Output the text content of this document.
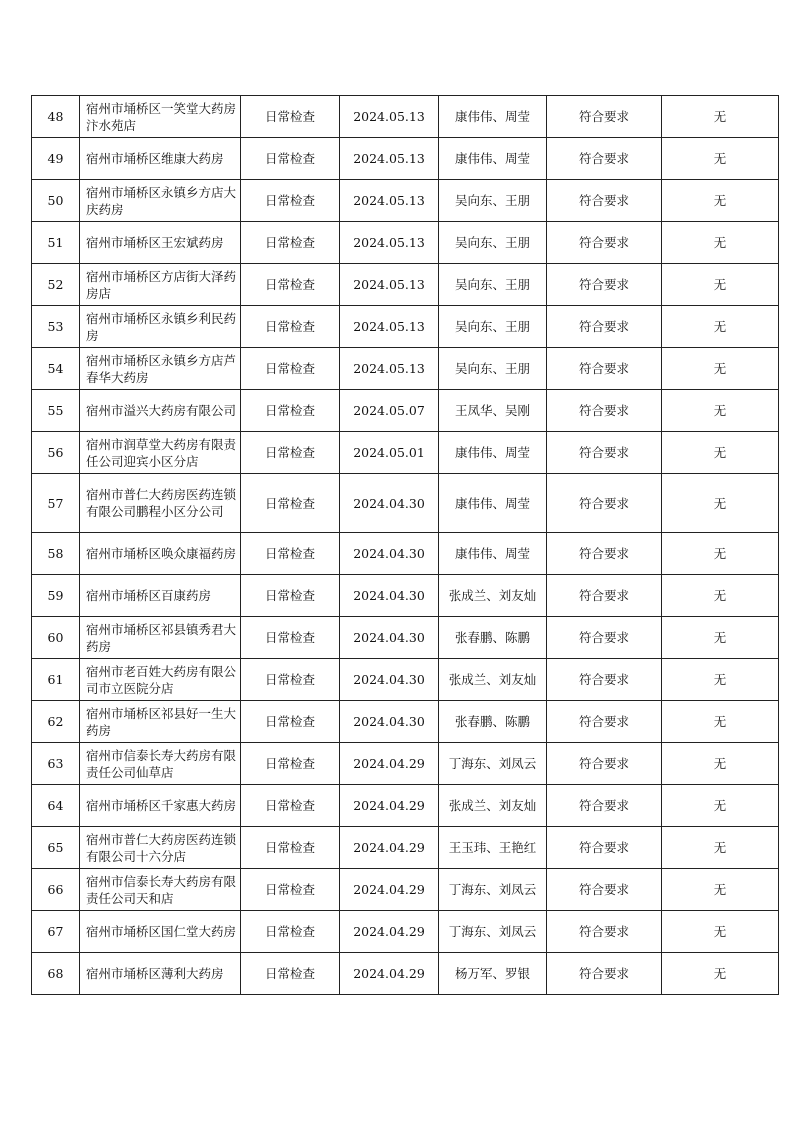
48	宿州市埇桥区一笑堂大药房汴水苑店	日常检查	2024.05.13	康伟伟、周莹	符合要求	无
49	宿州市埇桥区维康大药房	日常检查	2024.05.13	康伟伟、周莹	符合要求	无
50	宿州市埇桥区永镇乡方店大庆药房	日常检查	2024.05.13	吴向东、王朋	符合要求	无
51	宿州市埇桥区王宏斌药房	日常检查	2024.05.13	吴向东、王朋	符合要求	无
52	宿州市埇桥区方店街大泽药房店	日常检查	2024.05.13	吴向东、王朋	符合要求	无
53	宿州市埇桥区永镇乡利民药房	日常检查	2024.05.13	吴向东、王朋	符合要求	无
54	宿州市埇桥区永镇乡方店芦春华大药房	日常检查	2024.05.13	吴向东、王朋	符合要求	无
55	宿州市溢兴大药房有限公司	日常检查	2024.05.07	王凤华、吴刚	符合要求	无
56	宿州市润草堂大药房有限责任公司迎宾小区分店	日常检查	2024.05.01	康伟伟、周莹	符合要求	无
57	宿州市普仁大药房医药连锁有限公司鹏程小区分公司	日常检查	2024.04.30	康伟伟、周莹	符合要求	无
58	宿州市埇桥区唤众康福药房	日常检查	2024.04.30	康伟伟、周莹	符合要求	无
59	宿州市埇桥区百康药房	日常检查	2024.04.30	张成兰、刘友灿	符合要求	无
60	宿州市埇桥区祁县镇秀君大药房	日常检查	2024.04.30	张春鹏、陈鹏	符合要求	无
61	宿州市老百姓大药房有限公司市立医院分店	日常检查	2024.04.30	张成兰、刘友灿	符合要求	无
62	宿州市埇桥区祁县好一生大药房	日常检查	2024.04.30	张春鹏、陈鹏	符合要求	无
63	宿州市信泰长寿大药房有限责任公司仙草店	日常检查	2024.04.29	丁海东、刘凤云	符合要求	无
64	宿州市埇桥区千家惠大药房	日常检查	2024.04.29	张成兰、刘友灿	符合要求	无
65	宿州市普仁大药房医药连锁有限公司十六分店	日常检查	2024.04.29	王玉玮、王艳红	符合要求	无
66	宿州市信泰长寿大药房有限责任公司天和店	日常检查	2024.04.29	丁海东、刘凤云	符合要求	无
67	宿州市埇桥区国仁堂大药房	日常检查	2024.04.29	丁海东、刘凤云	符合要求	无
68	宿州市埇桥区薄利大药房	日常检查	2024.04.29	杨万军、罗银	符合要求	无
